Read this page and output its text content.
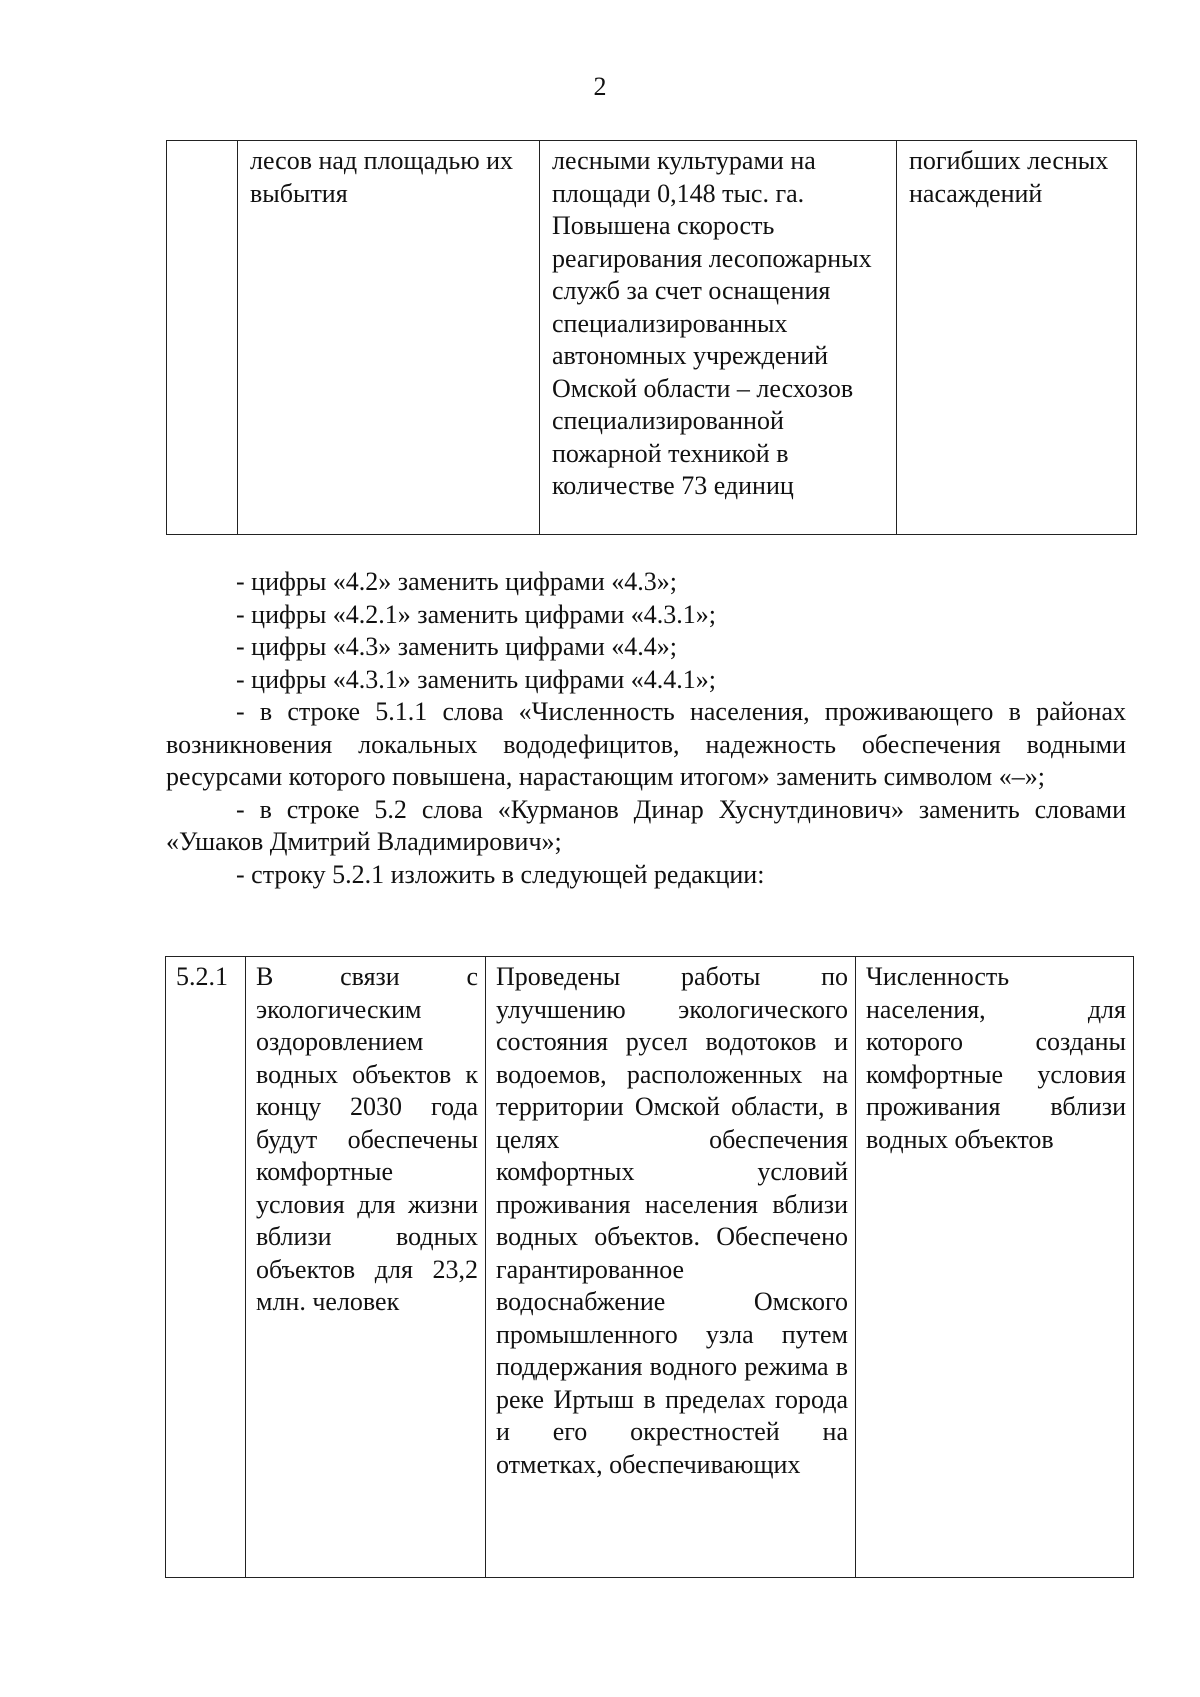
2
	лесов над площадью их выбытия	лесными культурами на площади 0,148 тыс. га. Повышена скорость реагирования лесопожарных служб за счет оснащения специализированных автономных учреждений Омской области – лесхозов специализированной пожарной техникой в количестве 73 единиц	погибших лесных насаждений
- цифры «4.2» заменить цифрами «4.3»;
- цифры «4.2.1» заменить цифрами «4.3.1»;
- цифры «4.3» заменить цифрами «4.4»;
- цифры «4.3.1» заменить цифрами «4.4.1»;
- в строке 5.1.1 слова «Численность населения, проживающего в районах возникновения локальных вододефицитов, надежность обеспечения водными ресурсами которого повышена, нарастающим итогом» заменить символом «–»;
- в строке 5.2 слова «Курманов Динар Хуснутдинович» заменить словами «Ушаков Дмитрий Владимирович»;
- строку 5.2.1 изложить в следующей редакции:
5.2.1	В связи с экологическим оздоровлением водных объектов к концу 2030 года будут обеспечены комфортные условия для жизни вблизи водных объектов для 23,2 млн. человек	Проведены работы по улучшению экологического состояния русел водотоков и водоемов, расположенных на территории Омской области, в целях обеспечения комфортных условий проживания населения вблизи водных объектов. Обеспечено гарантированное водоснабжение Омского промышленного узла путем поддержания водного режима в реке Иртыш в пределах города и его окрестностей на отметках, обеспечивающих	Численность населения, для которого созданы комфортные условия проживания вблизи водных объектов
